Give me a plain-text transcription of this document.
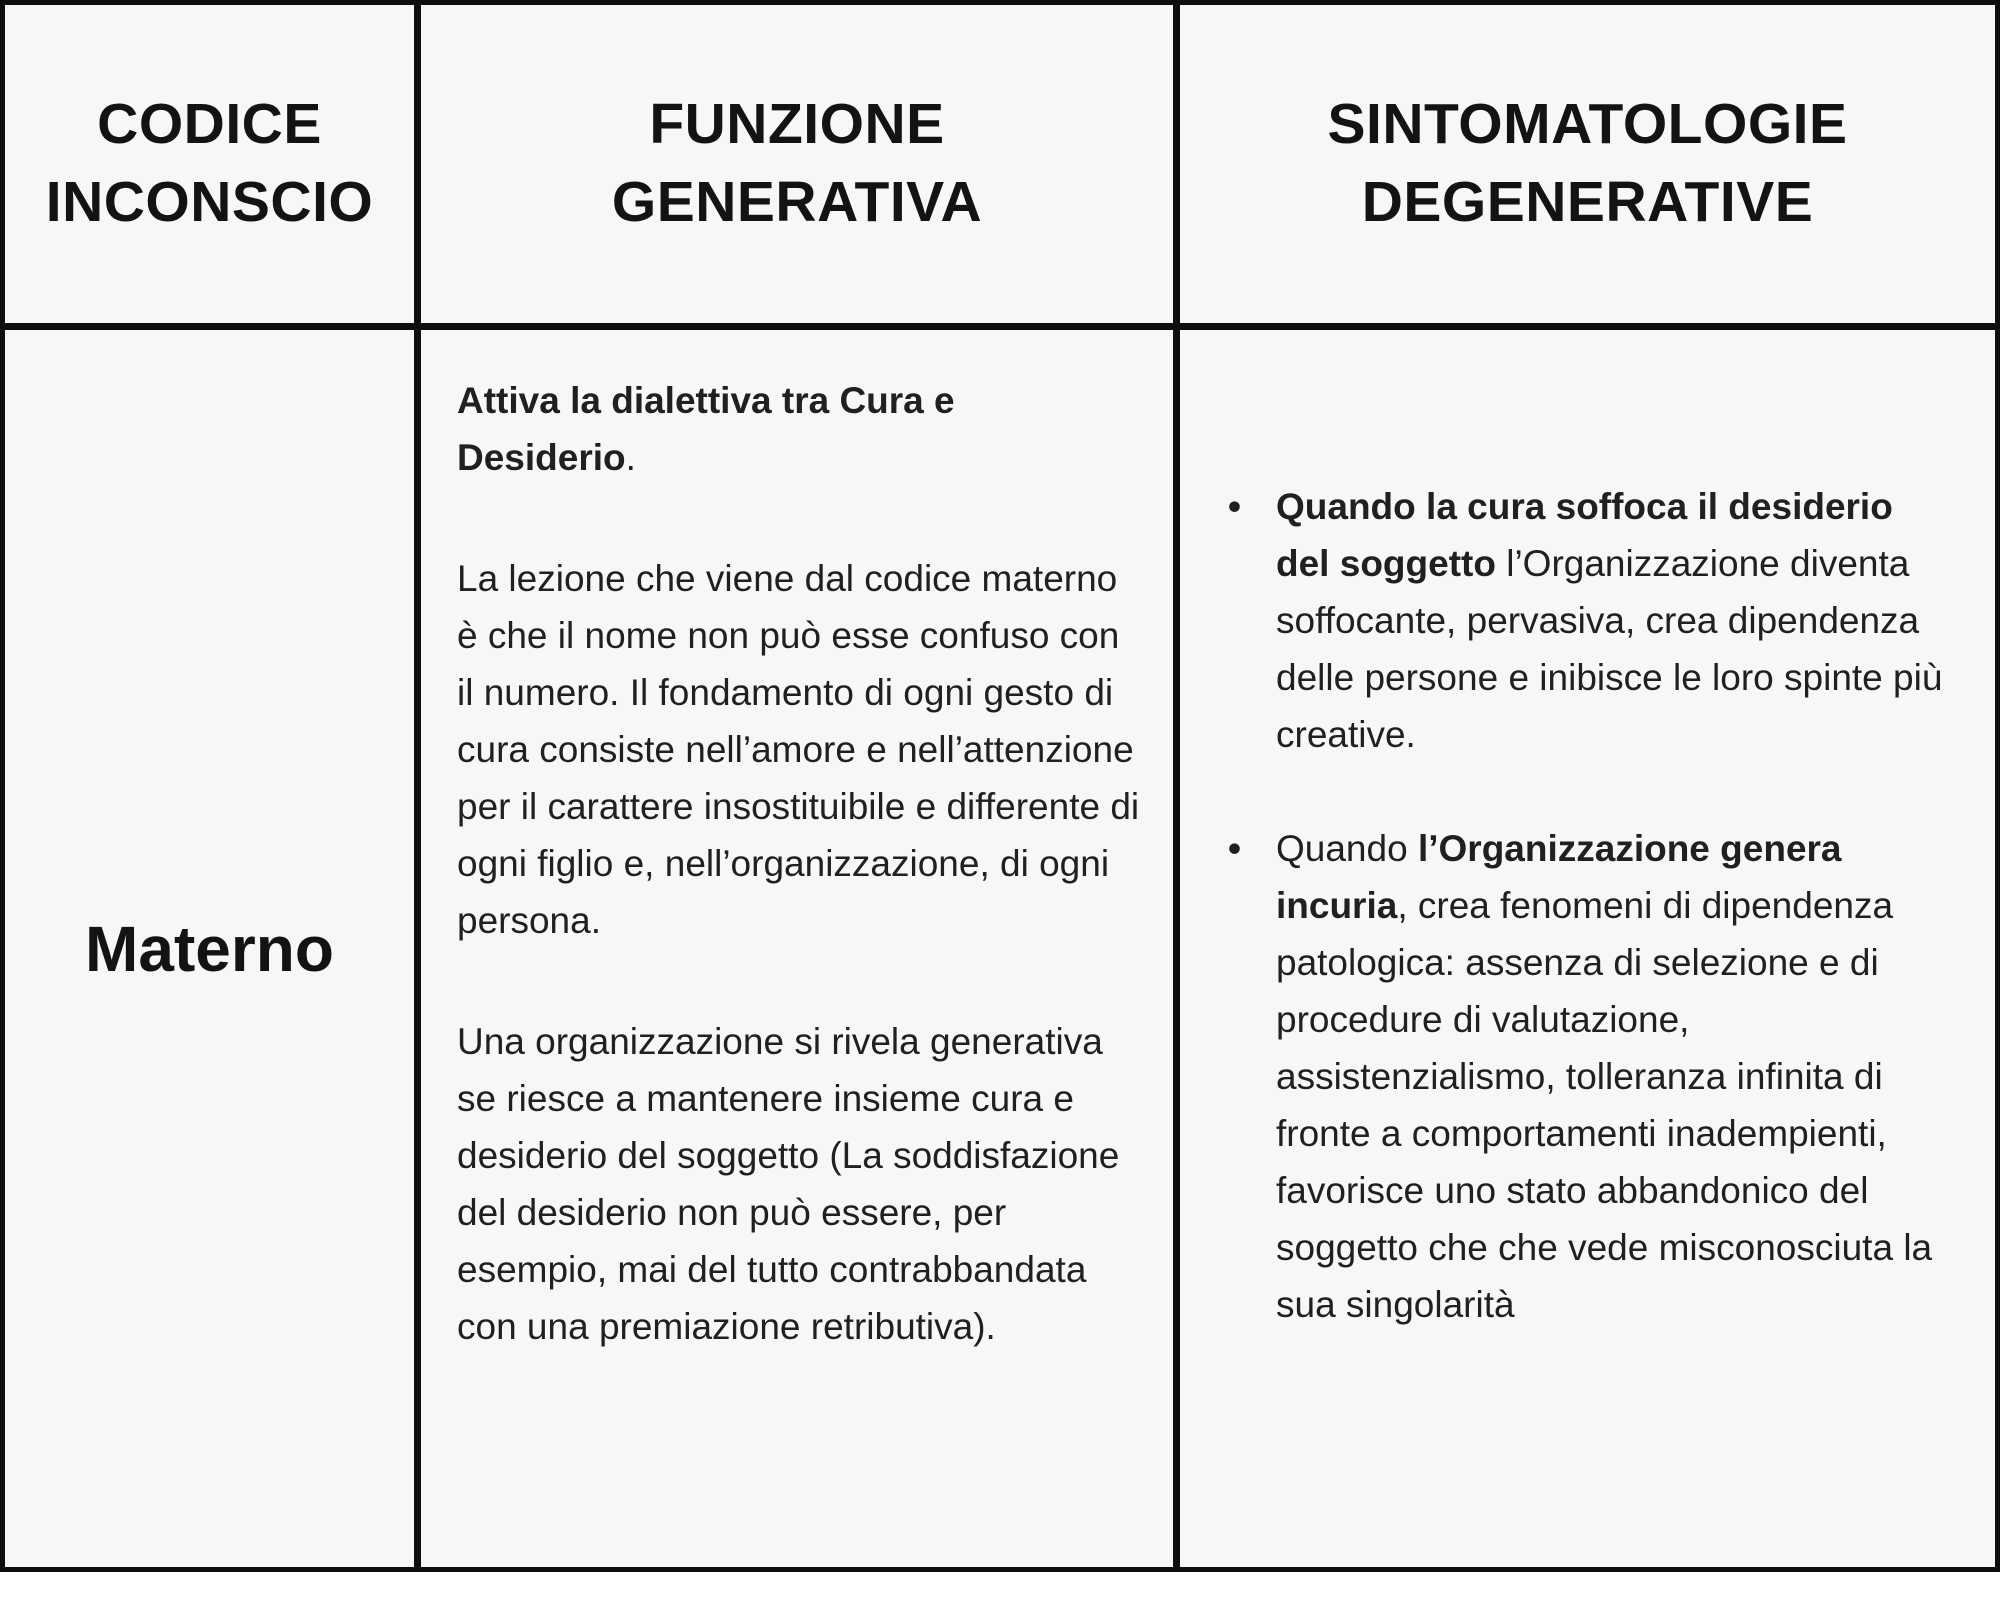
CODICE INCONSCIO
FUNZIONE GENERATIVA
SINTOMATOLOGIE DEGENERATIVE
Materno

Attiva la dialettiva tra Cura e Desiderio.

La lezione che viene dal codice materno è che il nome non può esse confuso con il numero. Il fondamento di ogni gesto di cura consiste nell’amore e nell’attenzione per il carattere insostituibile e differente di ogni figlio e, nell’organizzazione, di ogni persona.

Una organizzazione si rivela generativa se riesce a mantenere insieme cura e desiderio del soggetto (La soddisfazione del desiderio non può essere, per esempio, mai del tutto contrabbandata con una premiazione retributiva).

• Quando la cura soffoca il desiderio del soggetto l’Organizzazione diventa soffocante, pervasiva, crea dipendenza delle persone e inibisce le loro spinte più creative.
• Quando l’Organizzazione genera incuria, crea fenomeni di dipendenza patologica: assenza di selezione e di procedure di valutazione, assistenzialismo, tolleranza infinita di fronte a comportamenti inadempienti, favorisce uno stato abbandonico del soggetto che che vede misconosciuta la sua singolarità
